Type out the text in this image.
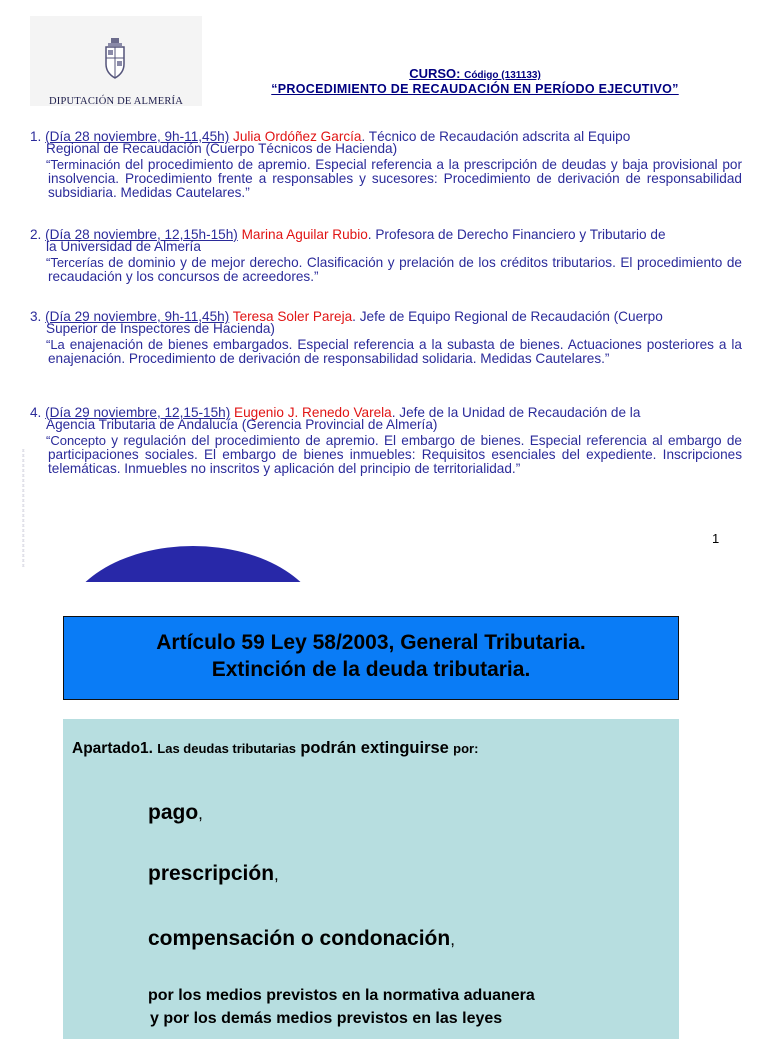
DIPUTACIÓN DE ALMERÍA
CURSO: Código (131133)
“PROCEDIMIENTO DE RECAUDACIÓN EN PERÍODO EJECUTIVO”
1. (Día 28 noviembre, 9h-11,45h) Julia Ordóñez García. Técnico de Recaudación adscrita al Equipo
Regional de Recaudación (Cuerpo Técnicos de Hacienda)
“Terminación del procedimiento de apremio. Especial referencia a la prescripción de deudas y baja provisional por insolvencia. Procedimiento frente a responsables y sucesores: Procedimiento de derivación de responsabilidad subsidiaria. Medidas Cautelares.”
2. (Día 28 noviembre, 12,15h-15h) Marina Aguilar Rubio. Profesora de Derecho Financiero y Tributario de
la Universidad de Almería
“Tercerías de dominio y de mejor derecho. Clasificación y prelación de los créditos tributarios. El procedimiento de recaudación y los concursos de acreedores.”
3. (Día 29 noviembre, 9h-11,45h) Teresa Soler Pareja. Jefe de Equipo Regional de Recaudación (Cuerpo
Superior de Inspectores de Hacienda)
“La enajenación de bienes embargados. Especial referencia a la subasta de bienes. Actuaciones posteriores a la enajenación. Procedimiento de derivación de responsabilidad solidaria. Medidas Cautelares.”
4. (Día 29 noviembre, 12,15-15h) Eugenio J. Renedo Varela. Jefe de la Unidad de Recaudación de la
Agencia Tributaria de Andalucía (Gerencia Provincial de Almería)
“Concepto y regulación del procedimiento de apremio. El embargo de bienes. Especial referencia al embargo de participaciones sociales. El embargo de bienes inmuebles: Requisitos esenciales del expediente. Inscripciones telemáticas. Inmuebles no inscritos y aplicación del principio de territorialidad.”
ΞΞΞΞΞΞΞΞΞΞΞΞΞΞΞΞΞΞΞΞΞΞΞΞ
1
Artículo 59 Ley 58/2003, General Tributaria.
Extinción de la deuda tributaria.
Apartado1. Las deudas tributarias podrán extinguirse por:
pago,
prescripción,
compensación o condonación,
por los medios previstos en la normativa aduanera
y por los demás medios previstos en las leyes
